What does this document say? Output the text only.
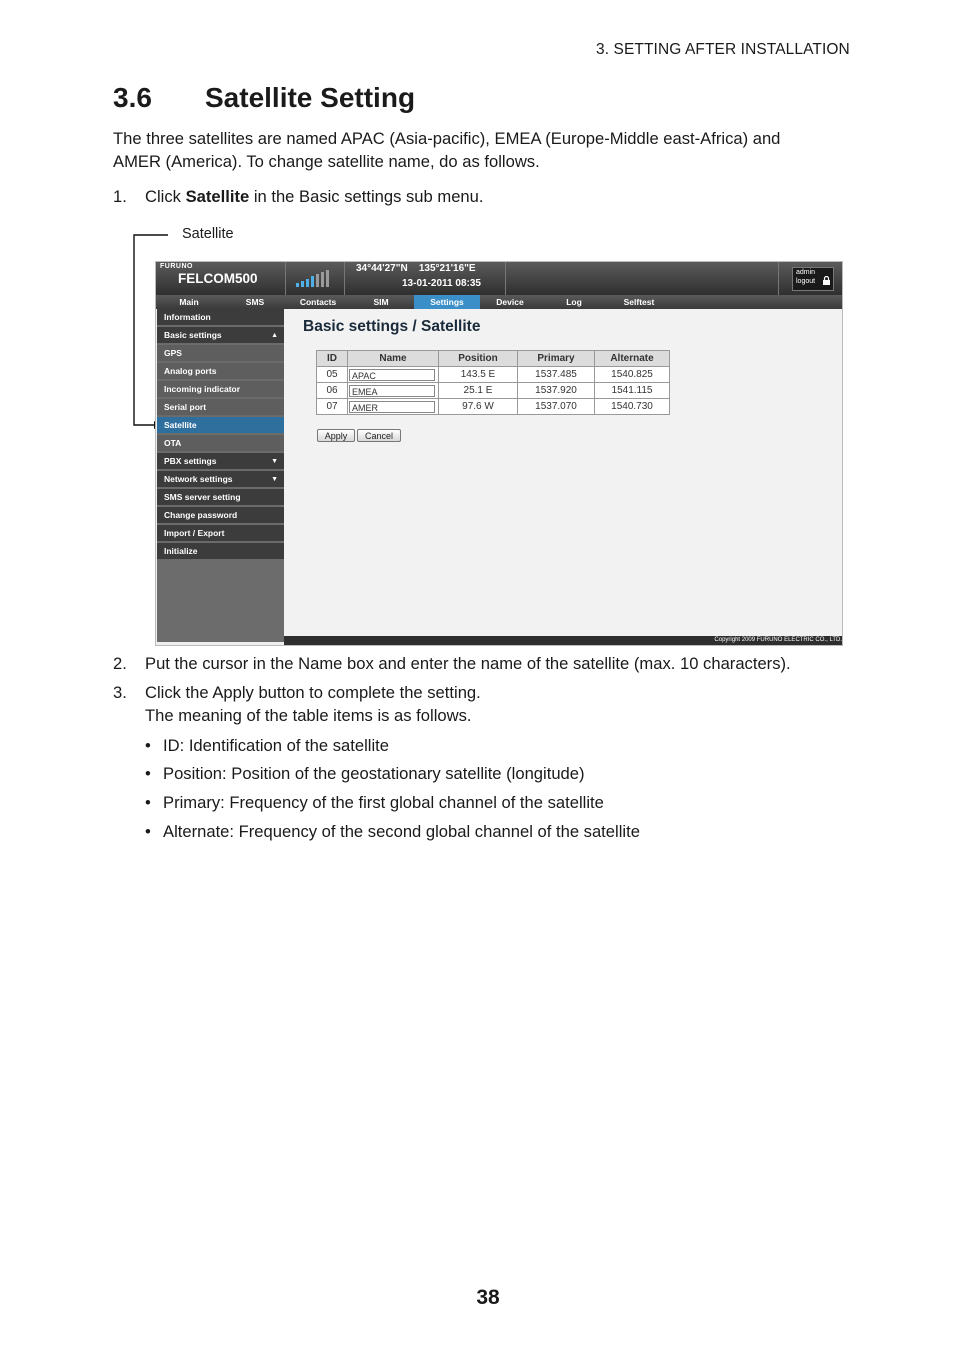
3. SETTING AFTER INSTALLATION
3.6 Satellite Setting
The three satellites are named APAC (Asia-pacific), EMEA (Europe-Middle east-Africa) and
AMER (America). To change satellite name, do as follows.
1. Click Satellite in the Basic settings sub menu.
Satellite
FURUNO
FELCOM500
34°44'27"N 135°21'16"E
13-01-2011 08:35
admin
logout
Main	SMS	Contacts	SIM	Settings	Device	Log	Selftest
Information
Basic settings	▲
GPS
Analog ports
Incoming indicator
Serial port
Satellite
OTA
PBX settings	▼
Network settings	▼
SMS server setting
Change password
Import / Export
Initialize
Basic settings / Satellite
ID	Name	Position	Primary	Alternate
05	APAC	143.5 E	1537.485	1540.825
06	EMEA	25.1 E	1537.920	1541.115
07	AMER	97.6 W	1537.070	1540.730
Apply	Cancel
Copyright 2009 FURUNO ELECTRIC CO., LTD.
2. Put the cursor in the Name box and enter the name of the satellite (max. 10 characters).
3. Click the Apply button to complete the setting.
The meaning of the table items is as follows.
• ID: Identification of the satellite
• Position: Position of the geostationary satellite (longitude)
• Primary: Frequency of the first global channel of the satellite
• Alternate: Frequency of the second global channel of the satellite
38
